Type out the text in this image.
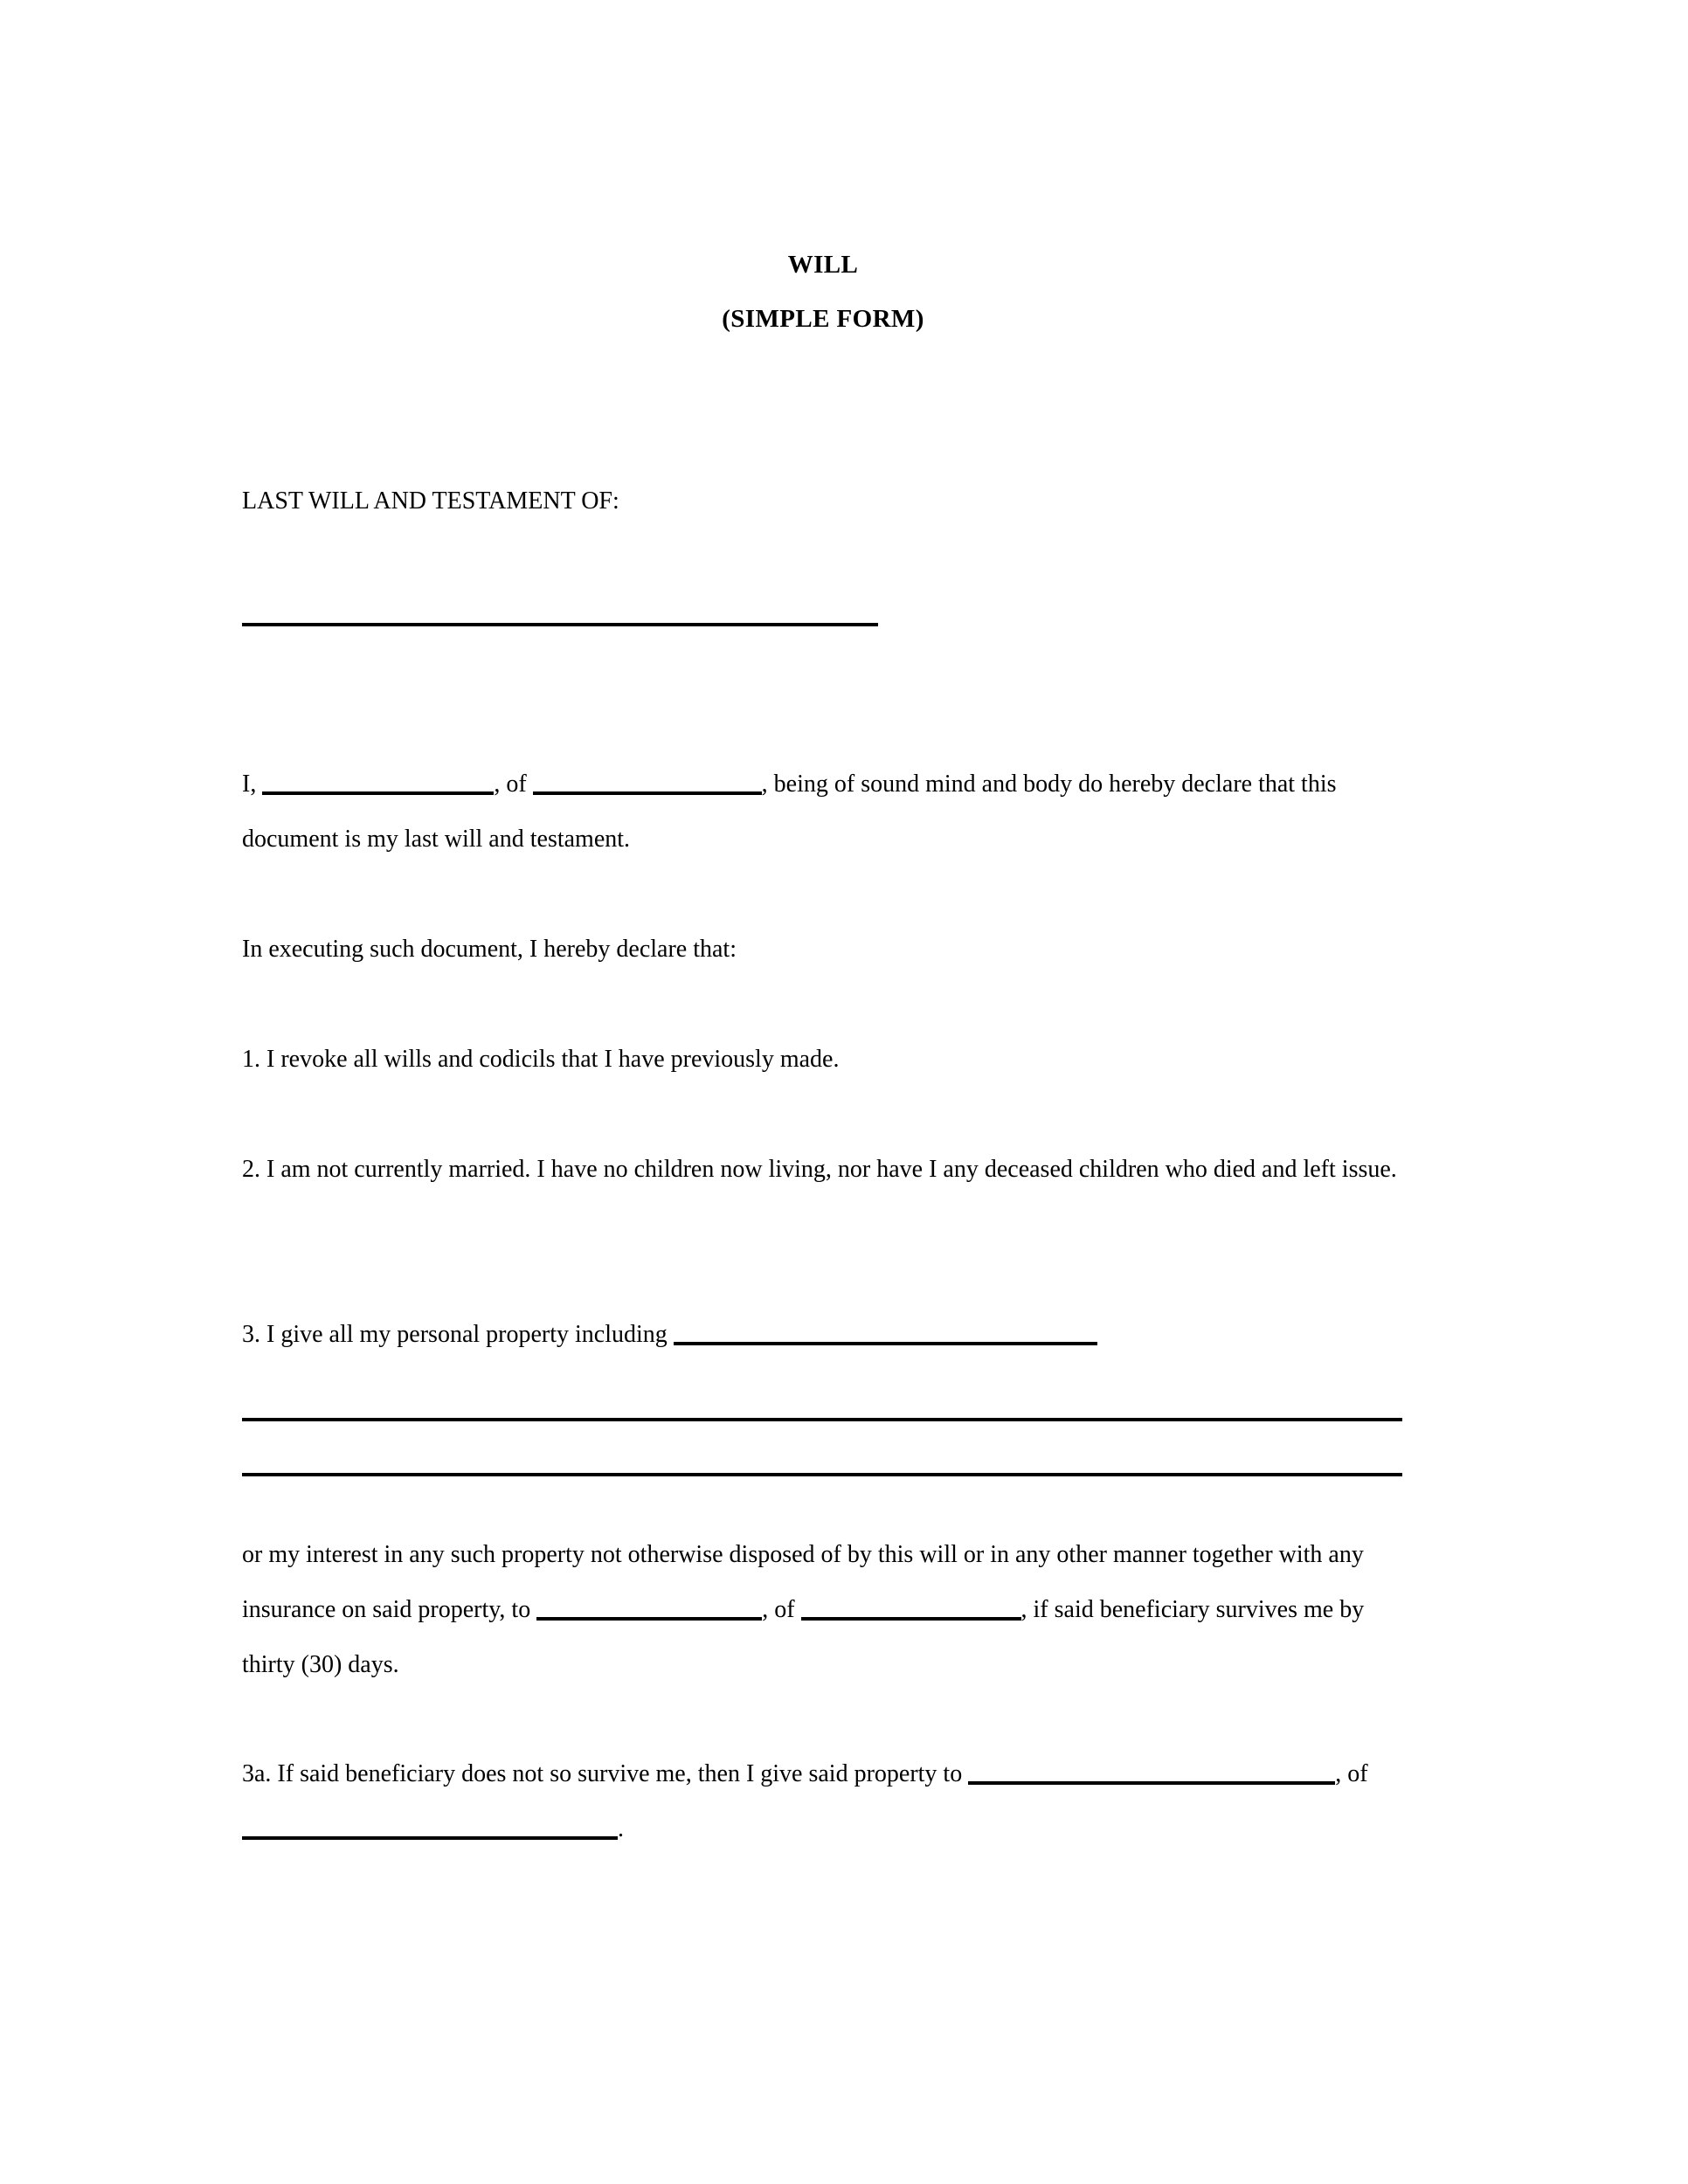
WILL
(SIMPLE FORM)
LAST WILL AND TESTAMENT OF:
I,	, of	, being of sound mind and body do hereby declare that this document is my last will and testament.
In executing such document, I hereby declare that:
1. I revoke all wills and codicils that I have previously made.
2. I am not currently married. I have no children now living, nor have I any deceased children who died and left issue.
3. I give all my personal property including
or my interest in any such property not otherwise disposed of by this will or in any other manner together with any insurance on said property, to	, of	, if said beneficiary survives me by thirty (30) days.
3a. If said beneficiary does not so survive me, then I give said property to	, of .
